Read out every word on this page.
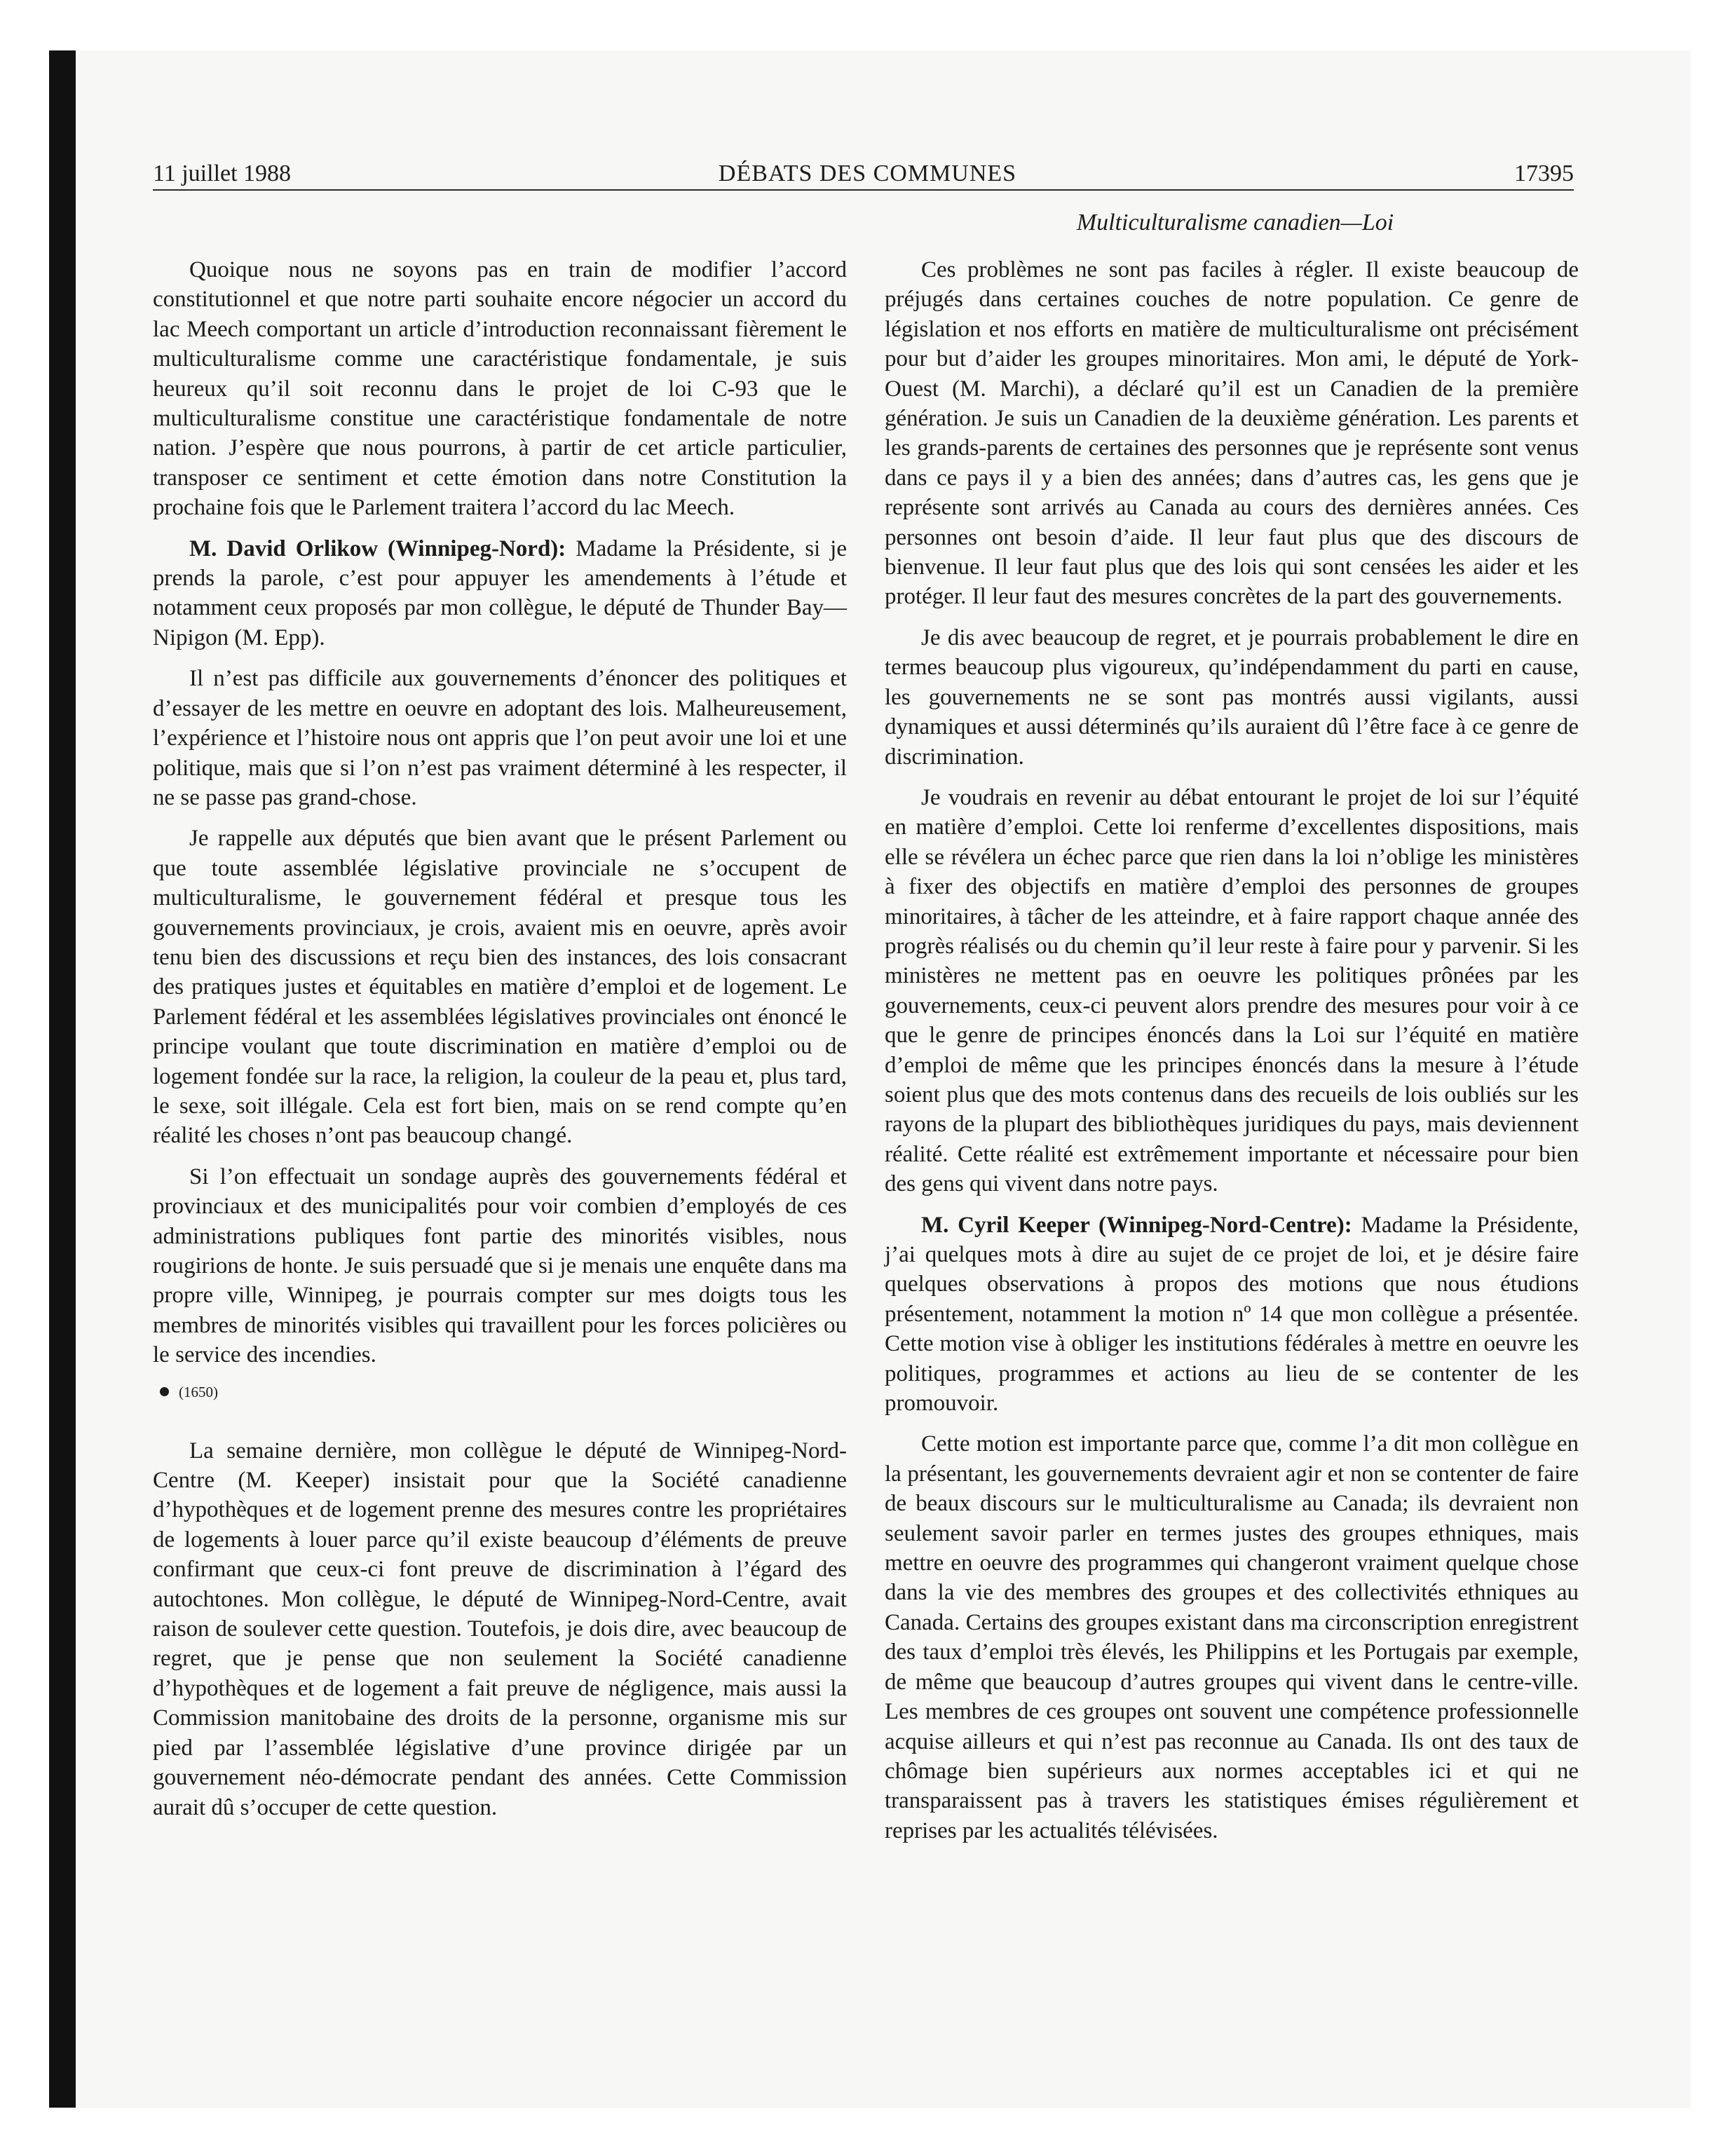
11 juillet 1988	DÉBATS DES COMMUNES	17395
Multiculturalisme canadien—Loi

Quoique nous ne soyons pas en train de modifier l’accord constitutionnel et que notre parti souhaite encore négocier un accord du lac Meech comportant un article d’introduction reconnaissant fièrement le multiculturalisme comme une caractéristique fondamentale, je suis heureux qu’il soit reconnu dans le projet de loi C-93 que le multiculturalisme constitue une caractéristique fondamentale de notre nation. J’espère que nous pourrons, à partir de cet article particulier, transposer ce sentiment et cette émotion dans notre Constitution la prochaine fois que le Parlement traitera l’accord du lac Meech.

M. David Orlikow (Winnipeg-Nord): Madame la Présidente, si je prends la parole, c’est pour appuyer les amendements à l’étude et notamment ceux proposés par mon collègue, le député de Thunder Bay—Nipigon (M. Epp).

Il n’est pas difficile aux gouvernements d’énoncer des politiques et d’essayer de les mettre en oeuvre en adoptant des lois. Malheureusement, l’expérience et l’histoire nous ont appris que l’on peut avoir une loi et une politique, mais que si l’on n’est pas vraiment déterminé à les respecter, il ne se passe pas grand-chose.

Je rappelle aux députés que bien avant que le présent Parlement ou que toute assemblée législative provinciale ne s’occupent de multiculturalisme, le gouvernement fédéral et presque tous les gouvernements provinciaux, je crois, avaient mis en oeuvre, après avoir tenu bien des discussions et reçu bien des instances, des lois consacrant des pratiques justes et équitables en matière d’emploi et de logement. Le Parlement fédéral et les assemblées législatives provinciales ont énoncé le principe voulant que toute discrimination en matière d’emploi ou de logement fondée sur la race, la religion, la couleur de la peau et, plus tard, le sexe, soit illégale. Cela est fort bien, mais on se rend compte qu’en réalité les choses n’ont pas beaucoup changé.

Si l’on effectuait un sondage auprès des gouvernements fédéral et provinciaux et des municipalités pour voir combien d’employés de ces administrations publiques font partie des minorités visibles, nous rougirions de honte. Je suis persuadé que si je menais une enquête dans ma propre ville, Winnipeg, je pourrais compter sur mes doigts tous les membres de minorités visibles qui travaillent pour les forces policières ou le service des incendies.

(1650)

La semaine dernière, mon collègue le député de Winnipeg-Nord-Centre (M. Keeper) insistait pour que la Société canadienne d’hypothèques et de logement prenne des mesures contre les propriétaires de logements à louer parce qu’il existe beaucoup d’éléments de preuve confirmant que ceux-ci font preuve de discrimination à l’égard des autochtones. Mon collègue, le député de Winnipeg-Nord-Centre, avait raison de soulever cette question. Toutefois, je dois dire, avec beaucoup de regret, que je pense que non seulement la Société canadienne d’hypothèques et de logement a fait preuve de négligence, mais aussi la Commission manitobaine des droits de la personne, organisme mis sur pied par l’assemblée législative d’une province dirigée par un gouvernement néo-démocrate pendant des années. Cette Commission aurait dû s’occuper de cette question.

Ces problèmes ne sont pas faciles à régler. Il existe beaucoup de préjugés dans certaines couches de notre population. Ce genre de législation et nos efforts en matière de multiculturalisme ont précisément pour but d’aider les groupes minoritaires. Mon ami, le député de York-Ouest (M. Marchi), a déclaré qu’il est un Canadien de la première génération. Je suis un Canadien de la deuxième génération. Les parents et les grands-parents de certaines des personnes que je représente sont venus dans ce pays il y a bien des années; dans d’autres cas, les gens que je représente sont arrivés au Canada au cours des dernières années. Ces personnes ont besoin d’aide. Il leur faut plus que des discours de bienvenue. Il leur faut plus que des lois qui sont censées les aider et les protéger. Il leur faut des mesures concrètes de la part des gouvernements.

Je dis avec beaucoup de regret, et je pourrais probablement le dire en termes beaucoup plus vigoureux, qu’indépendamment du parti en cause, les gouvernements ne se sont pas montrés aussi vigilants, aussi dynamiques et aussi déterminés qu’ils auraient dû l’être face à ce genre de discrimination.

Je voudrais en revenir au débat entourant le projet de loi sur l’équité en matière d’emploi. Cette loi renferme d’excellentes dispositions, mais elle se révélera un échec parce que rien dans la loi n’oblige les ministères à fixer des objectifs en matière d’emploi des personnes de groupes minoritaires, à tâcher de les atteindre, et à faire rapport chaque année des progrès réalisés ou du chemin qu’il leur reste à faire pour y parvenir. Si les ministères ne mettent pas en oeuvre les politiques prônées par les gouvernements, ceux-ci peuvent alors prendre des mesures pour voir à ce que le genre de principes énoncés dans la Loi sur l’équité en matière d’emploi de même que les principes énoncés dans la mesure à l’étude soient plus que des mots contenus dans des recueils de lois oubliés sur les rayons de la plupart des bibliothèques juridiques du pays, mais deviennent réalité. Cette réalité est extrêmement importante et nécessaire pour bien des gens qui vivent dans notre pays.

M. Cyril Keeper (Winnipeg-Nord-Centre): Madame la Présidente, j’ai quelques mots à dire au sujet de ce projet de loi, et je désire faire quelques observations à propos des motions que nous étudions présentement, notamment la motion nº 14 que mon collègue a présentée. Cette motion vise à obliger les institutions fédérales à mettre en oeuvre les politiques, programmes et actions au lieu de se contenter de les promouvoir.

Cette motion est importante parce que, comme l’a dit mon collègue en la présentant, les gouvernements devraient agir et non se contenter de faire de beaux discours sur le multiculturalisme au Canada; ils devraient non seulement savoir parler en termes justes des groupes ethniques, mais mettre en oeuvre des programmes qui changeront vraiment quelque chose dans la vie des membres des groupes et des collectivités ethniques au Canada. Certains des groupes existant dans ma circonscription enregistrent des taux d’emploi très élevés, les Philippins et les Portugais par exemple, de même que beaucoup d’autres groupes qui vivent dans le centre-ville. Les membres de ces groupes ont souvent une compétence professionnelle acquise ailleurs et qui n’est pas reconnue au Canada. Ils ont des taux de chômage bien supérieurs aux normes acceptables ici et qui ne transparaissent pas à travers les statistiques émises régulièrement et reprises par les actualités télévisées.
